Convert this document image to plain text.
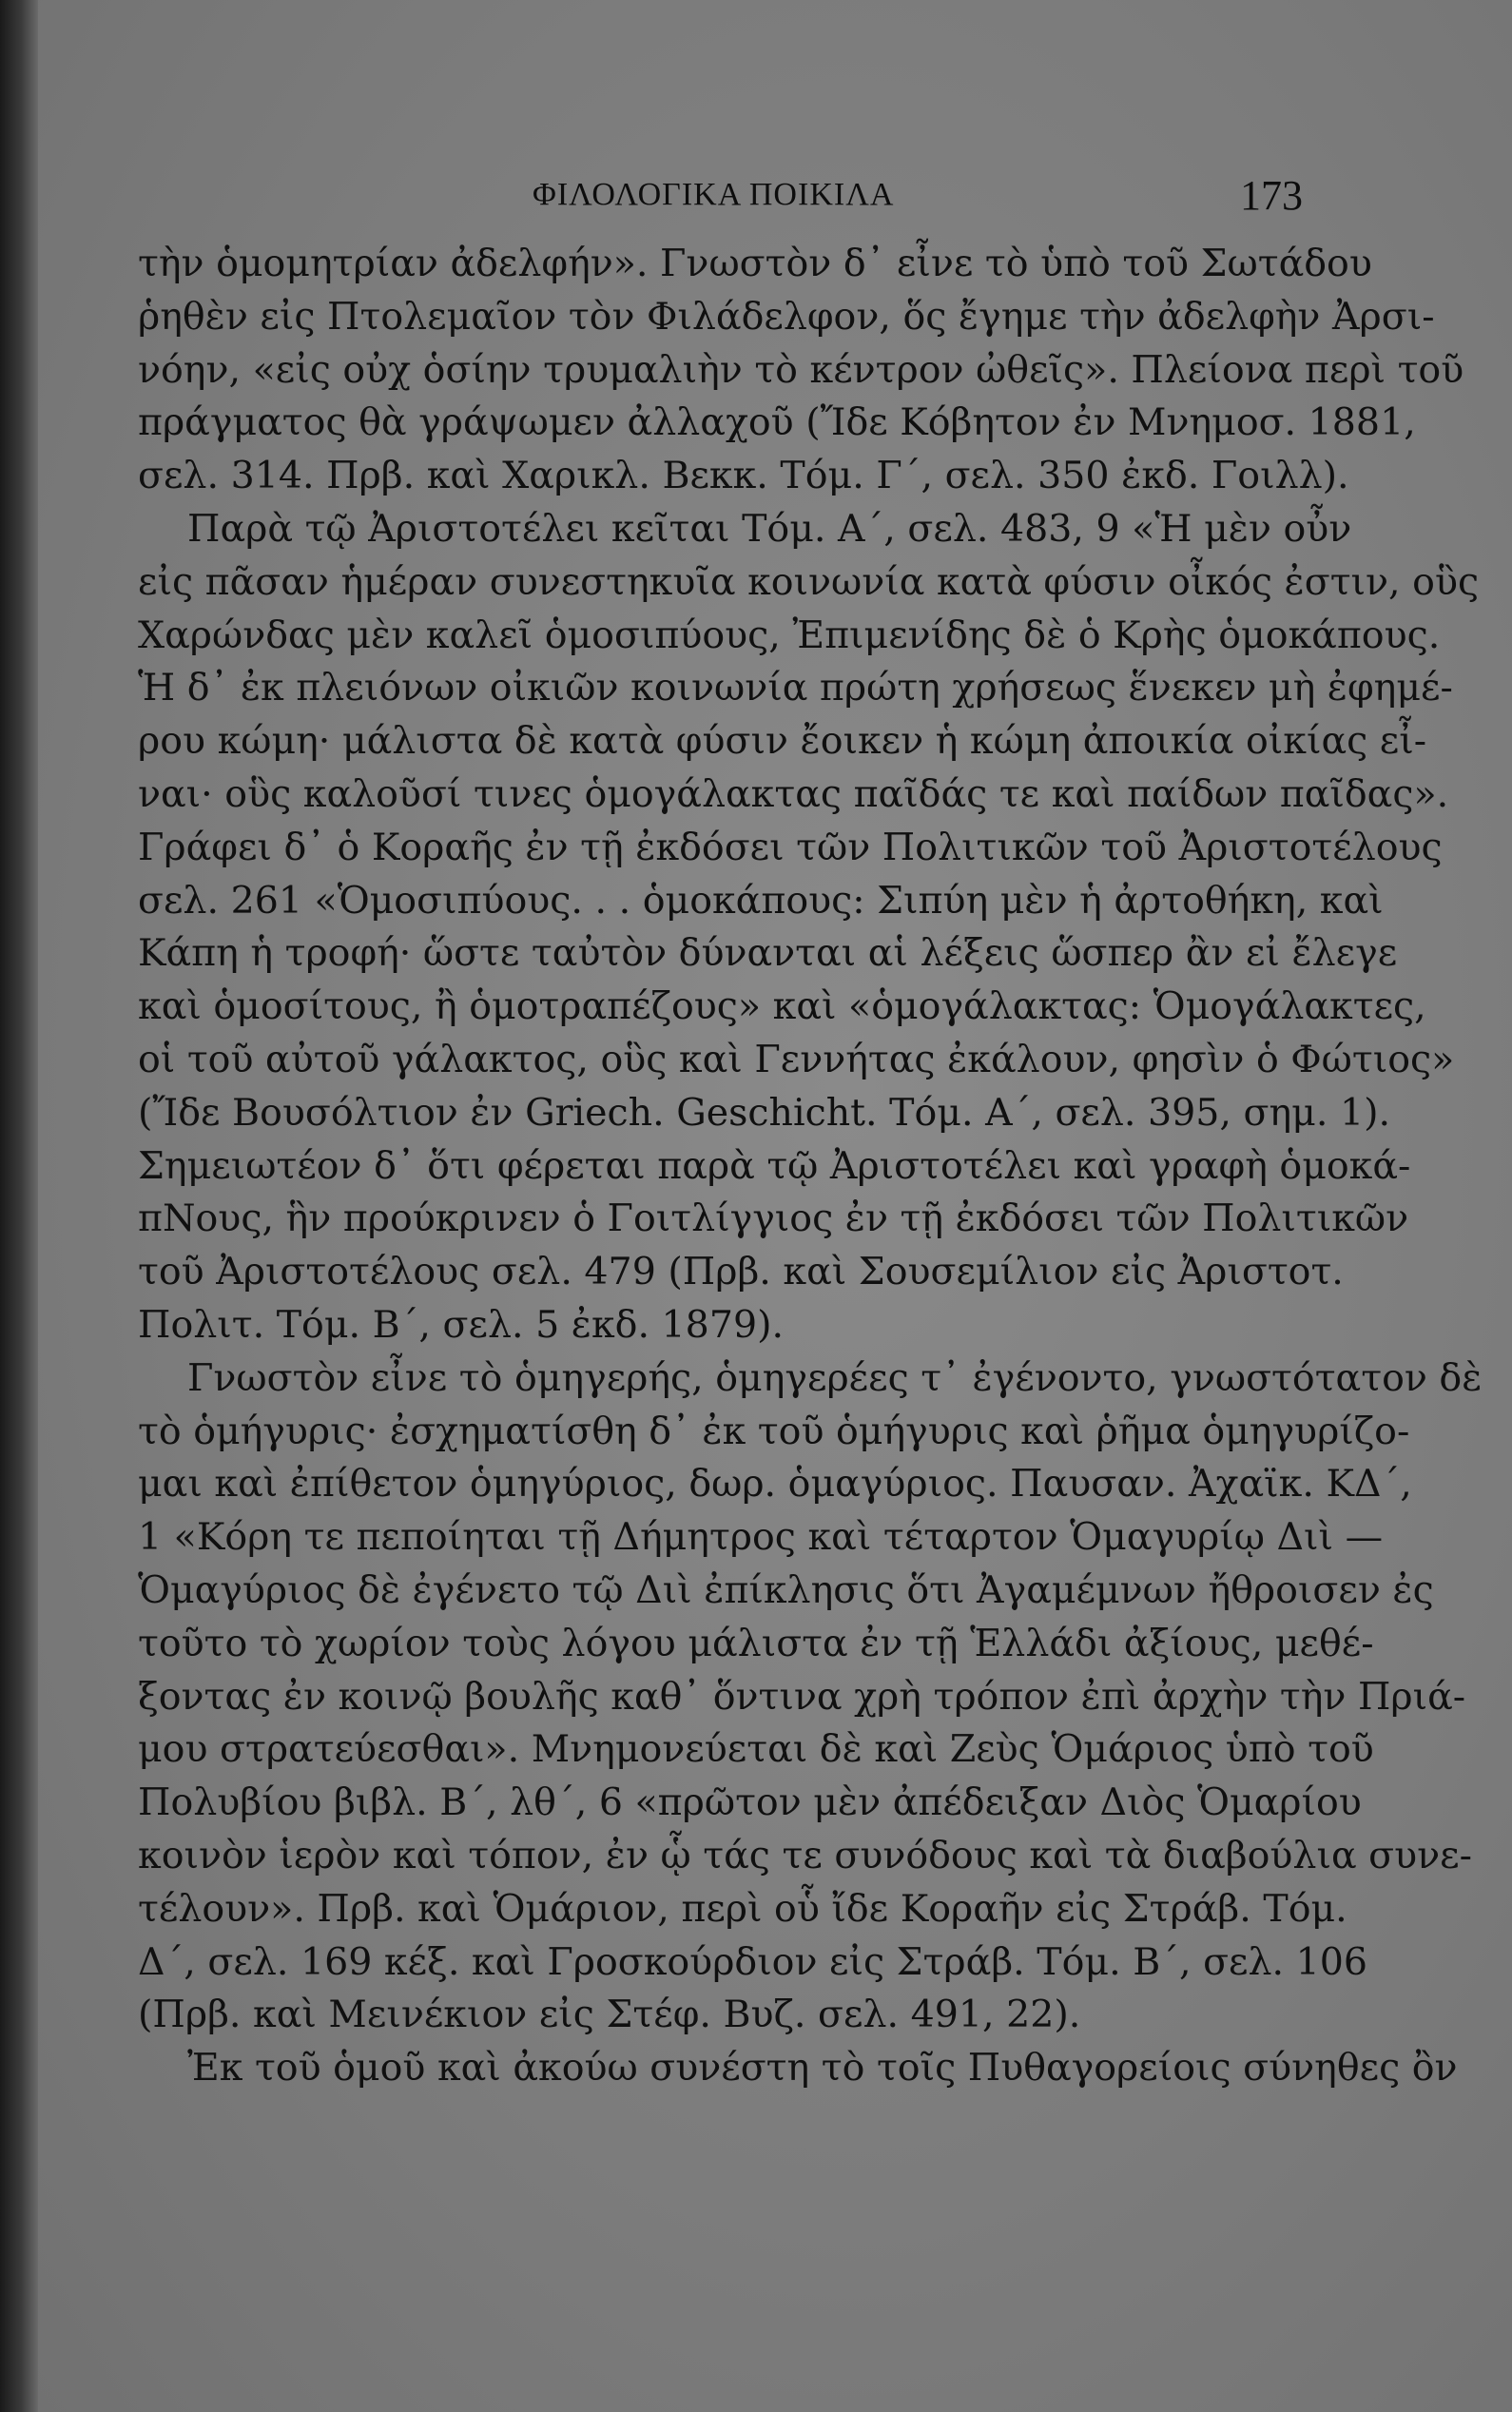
ΦΙΛΟΛΟΓΙΚΑ ΠΟΙΚΙΛΑ	173
τὴν ὁμομητρίαν ἀδελφήν». Γνωστὸν δ᾽ εἶνε τὸ ὑπὸ τοῦ Σωτάδου
ῥηθὲν εἰς Πτολεμαῖον τὸν Φιλάδελφον, ὅς ἔγημε τὴν ἀδελφὴν Ἀρσι-
νόην, «εἰς οὐχ ὁσίην τρυμαλιὴν τὸ κέντρον ὠθεῖς». Πλείονα περὶ τοῦ
πράγματος θὰ γράψωμεν ἀλλαχοῦ (Ἴδε Κόβητον ἐν Μνημοσ. 1881,
σελ. 314. Πρβ. καὶ Χαρικλ. Βεκκ. Τόμ. Γ΄, σελ. 350 ἐκδ. Γοιλλ).
Παρὰ τῷ Ἀριστοτέλει κεῖται Τόμ. Α΄, σελ. 483, 9 «Ἡ μὲν οὖν
εἰς πᾶσαν ἡμέραν συνεστηκυῖα κοινωνία κατὰ φύσιν οἶκός ἐστιν, οὓς
Χαρώνδας μὲν καλεῖ ὁμοσιπύους, Ἐπιμενίδης δὲ ὁ Κρὴς ὁμοκάπους.
Ἡ δ᾽ ἐκ πλειόνων οἰκιῶν κοινωνία πρώτη χρήσεως ἕνεκεν μὴ ἐφημέ-
ρου κώμη· μάλιστα δὲ κατὰ φύσιν ἔοικεν ἡ κώμη ἀποικία οἰκίας εἶ-
ναι· οὓς καλοῦσί τινες ὁμογάλακτας παῖδάς τε καὶ παίδων παῖδας».
Γράφει δ᾽ ὁ Κοραῆς ἐν τῇ ἐκδόσει τῶν Πολιτικῶν τοῦ Ἀριστοτέλους
σελ. 261 «Ὁμοσιπύους. . . ὁμοκάπους: Σιπύη μὲν ἡ ἀρτοθήκη, καὶ
Κάπη ἡ τροφή· ὥστε ταὐτὸν δύνανται αἱ λέξεις ὥσπερ ἂν εἰ ἔλεγε
καὶ ὁμοσίτους, ἢ ὁμοτραπέζους» καὶ «ὁμογάλακτας: Ὁμογάλακτες,
οἱ τοῦ αὐτοῦ γάλακτος, οὓς καὶ Γεννήτας ἐκάλουν, φησὶν ὁ Φώτιος»
(Ἴδε Βουσόλτιον ἐν Griech. Geschicht. Τόμ. Α΄, σελ. 395, σημ. 1).
Σημειωτέον δ᾽ ὅτι φέρεται παρὰ τῷ Ἀριστοτέλει καὶ γραφὴ ὁμοκά-
πΝους, ἣν προύκρινεν ὁ Γοιτλίγγιος ἐν τῇ ἐκδόσει τῶν Πολιτικῶν
τοῦ Ἀριστοτέλους σελ. 479 (Πρβ. καὶ Σουσεμίλιον εἰς Ἀριστοτ.
Πολιτ. Τόμ. Β΄, σελ. 5 ἐκδ. 1879).
Γνωστὸν εἶνε τὸ ὁμηγερής, ὁμηγερέες τ᾽ ἐγένοντο, γνωστότατον δὲ
τὸ ὁμήγυρις· ἐσχηματίσθη δ᾽ ἐκ τοῦ ὁμήγυρις καὶ ῥῆμα ὁμηγυρίζο-
μαι καὶ ἐπίθετον ὁμηγύριος, δωρ. ὁμαγύριος. Παυσαν. Ἀχαϊκ. ΚΔ΄,
1 «Κόρη τε πεποίηται τῇ Δήμητρος καὶ τέταρτον Ὁμαγυρίῳ Διὶ —
Ὁμαγύριος δὲ ἐγένετο τῷ Διὶ ἐπίκλησις ὅτι Ἀγαμέμνων ἤθροισεν ἐς
τοῦτο τὸ χωρίον τοὺς λόγου μάλιστα ἐν τῇ Ἑλλάδι ἀξίους, μεθέ-
ξοντας ἐν κοινῷ βουλῆς καθ᾽ ὅντινα χρὴ τρόπον ἐπὶ ἀρχὴν τὴν Πριά-
μου στρατεύεσθαι». Μνημονεύεται δὲ καὶ Ζεὺς Ὁμάριος ὑπὸ τοῦ
Πολυβίου βιβλ. Β΄, λθ΄, 6 «πρῶτον μὲν ἀπέδειξαν Διὸς Ὁμαρίου
κοινὸν ἱερὸν καὶ τόπον, ἐν ᾧ τάς τε συνόδους καὶ τὰ διαβούλια συνε-
τέλουν». Πρβ. καὶ Ὁμάριον, περὶ οὗ ἴδε Κοραῆν εἰς Στράβ. Τόμ.
Δ΄, σελ. 169 κέξ. καὶ Γροσκούρδιον εἰς Στράβ. Τόμ. Β΄, σελ. 106
(Πρβ. καὶ Μεινέκιον εἰς Στέφ. Βυζ. σελ. 491, 22).
Ἐκ τοῦ ὁμοῦ καὶ ἀκούω συνέστη τὸ τοῖς Πυθαγορείοις σύνηθες ὂν
